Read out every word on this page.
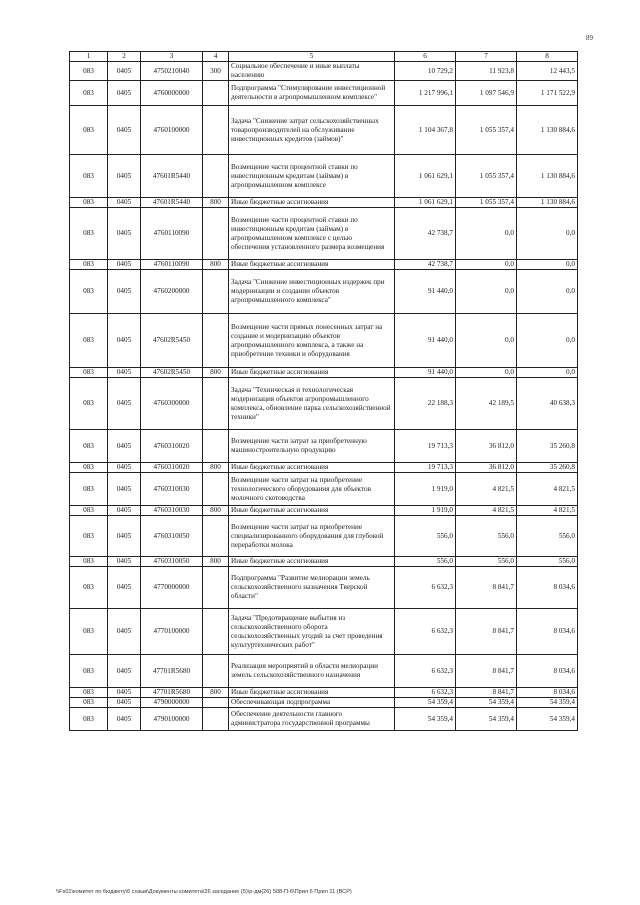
89
1	2	3	4	5	6	7	8
083	0405	4750210040	300	Социальное обеспечение и иные выплаты населению	10 729,2	11 923,8	12 443,5
083	0405	4760000000		Подпрограмма "Стимулирование инвестиционной деятельности в агропромышленном комплексе"	1 217 996,1	1 097 546,9	1 171 522,9
083	0405	4760100000		Задача "Снижение затрат сельскохозяйственных товаропроизводителей на обслуживание инвестиционных кредитов (займов)"	1 104 367,8	1 055 357,4	1 130 884,6
083	0405	47601R5440		Возмещение части процентной ставки по инвестиционным кредитам (займам) в агропромышленном комплексе	1 061 629,1	1 055 357,4	1 130 884,6
083	0405	47601R5440	800	Иные бюджетные ассигнования	1 061 629,1	1 055 357,4	1 130 884,6
083	0405	4760110090		Возмещение части процентной ставки по инвестиционным кредитам (займам) в агропромышленном комплексе с целью обеспечения установленного размера возмещения	42 738,7	0,0	0,0
083	0405	4760110090	800	Иные бюджетные ассигнования	42 738,7	0,0	0,0
083	0405	4760200000		Задача "Снижение инвестиционных издержек при модернизации и создании объектов агропромышленного комплекса"	91 440,0	0,0	0,0
083	0405	47602R5450		Возмещение части прямых понесенных затрат на создание и модернизацию объектов агропромышленного комплекса, а также на приобретение техники и оборудования	91 440,0	0,0	0,0
083	0405	47602R5450	800	Иные бюджетные ассигнования	91 440,0	0,0	0,0
083	0405	4760300000		Задача "Техническая и технологическая модернизация объектов агропромышленного комплекса, обновление парка сельскохозяйственной техники"	22 188,3	42 189,5	40 638,3
083	0405	4760310020		Возмещение части затрат за приобретенную машиностроительную продукцию	19 713,3	36 812,0	35 260,8
083	0405	4760310020	800	Иные бюджетные ассигнования	19 713,3	36 812,0	35 260,8
083	0405	4760310030		Возмещение части затрат на приобретение технологического оборудования для объектов молочного скотоводства	1 919,0	4 821,5	4 821,5
083	0405	4760310030	800	Иные бюджетные ассигнования	1 919,0	4 821,5	4 821,5
083	0405	4760310050		Возмещение части затрат на приобретение специализированного оборудования для глубокой переработки молока	556,0	556,0	556,0
083	0405	4760310050	800	Иные бюджетные ассигнования	556,0	556,0	556,0
083	0405	4770000000		Подпрограмма "Развитие мелиорации земель сельскохозяйственного назначения Тверской области"	6 632,3	8 841,7	8 034,6
083	0405	4770100000		Задача "Предотвращение выбытия из сельскохозяйственного оборота сельскохозяйственных угодий за счет проведения культуртехнических работ"	6 632,3	8 841,7	8 034,6
083	0405	47701R5680		Реализация мероприятий в области мелиорации земель сельскохозяйственного назначения	6 632,3	8 841,7	8 034,6
083	0405	47701R5680	800	Иные бюджетные ассигнования	6 632,3	8 841,7	8 034,6
083	0405	4790000000		Обеспечивающая подпрограмма	54 359,4	54 359,4	54 359,4
083	0405	4790100000		Обеспечение деятельности главного администратора государственной программы	54 359,4	54 359,4	54 359,4
\\Fs01\комитет по бюджету\6 созыв\Документы комитета\26 заседание (5)\р-дм(26) 508-П-6\Прил 6 Прил 11 (ВСР)
